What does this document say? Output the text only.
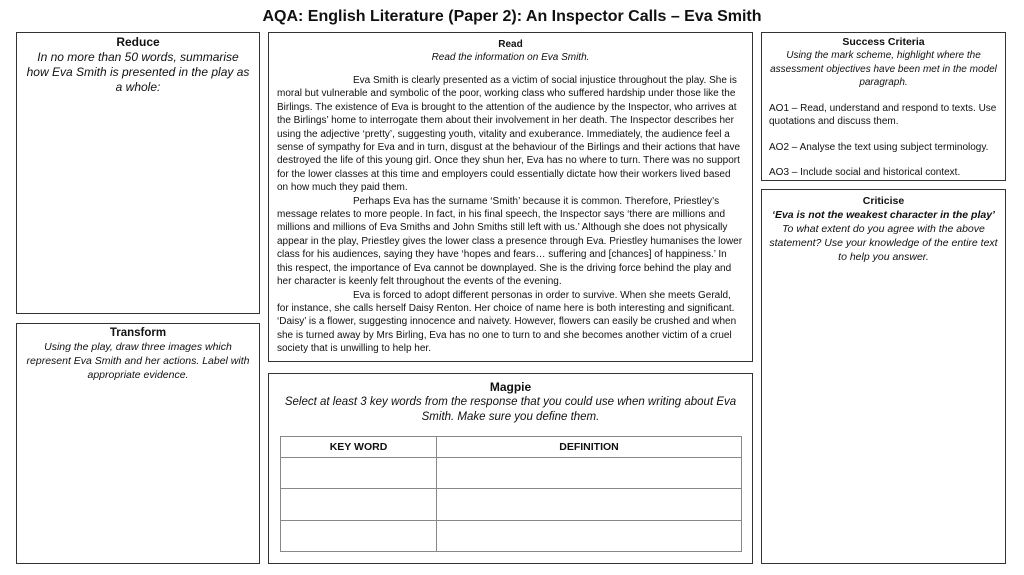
AQA: English Literature (Paper 2): An Inspector Calls – Eva Smith
Reduce
In no more than 50 words, summarise how Eva Smith is presented in the play as a whole:
Transform
Using the play, draw three images which represent Eva Smith and her actions. Label with appropriate evidence.
Read
Read the information on Eva Smith.

Eva Smith is clearly presented as a victim of social injustice throughout the play. She is moral but vulnerable and symbolic of the poor, working class who suffered hardship under those like the Birlings. The existence of Eva is brought to the attention of the audience by the Inspector, who arrives at the Birlings’ home to interrogate them about their involvement in her death. The Inspector describes her using the adjective ‘pretty’, suggesting youth, vitality and exuberance. Immediately, the audience feel a sense of sympathy for Eva and in turn, disgust at the behaviour of the Birlings and their actions that have destroyed the life of this young girl. Once they shun her, Eva has no where to turn. There was no support for the lower classes at this time and employers could essentially dictate how their workers lived based on how much they paid them.

Perhaps Eva has the surname ‘Smith’ because it is common. Therefore, Priestley’s message relates to more people. In fact, in his final speech, the Inspector says ‘there are millions and millions and millions of Eva Smiths and John Smiths still left with us.’ Although she does not physically appear in the play, Priestley gives the lower class a presence through Eva. Priestley humanises the lower class for his audiences, saying they have ‘hopes and fears… suffering and [chances] of happiness.’ In this respect, the importance of Eva cannot be downplayed. She is the driving force behind the play and her character is keenly felt throughout the events of the evening.

Eva is forced to adopt different personas in order to survive. When she meets Gerald, for instance, she calls herself Daisy Renton. Her choice of name here is both interesting and significant. ‘Daisy’ is a flower, suggesting innocence and naivety. However, flowers can easily be crushed and when she is turned away by Mrs Birling, Eva has no one to turn to and she becomes another victim of a cruel society that is unwilling to help her.

Magpie
Select at least 3 key words from the response that you could use when writing about Eva Smith. Make sure you define them.
KEY WORD	DEFINITION

Success Criteria
Using the mark scheme, highlight where the assessment objectives have been met in the model paragraph.

AO1 – Read, understand and respond to texts. Use quotations and discuss them.

AO2 – Analyse the text using subject terminology.

AO3 – Include social and historical context.

Criticise
‘Eva is not the weakest character in the play’
To what extent do you agree with the above statement? Use your knowledge of the entire text to help you answer.
